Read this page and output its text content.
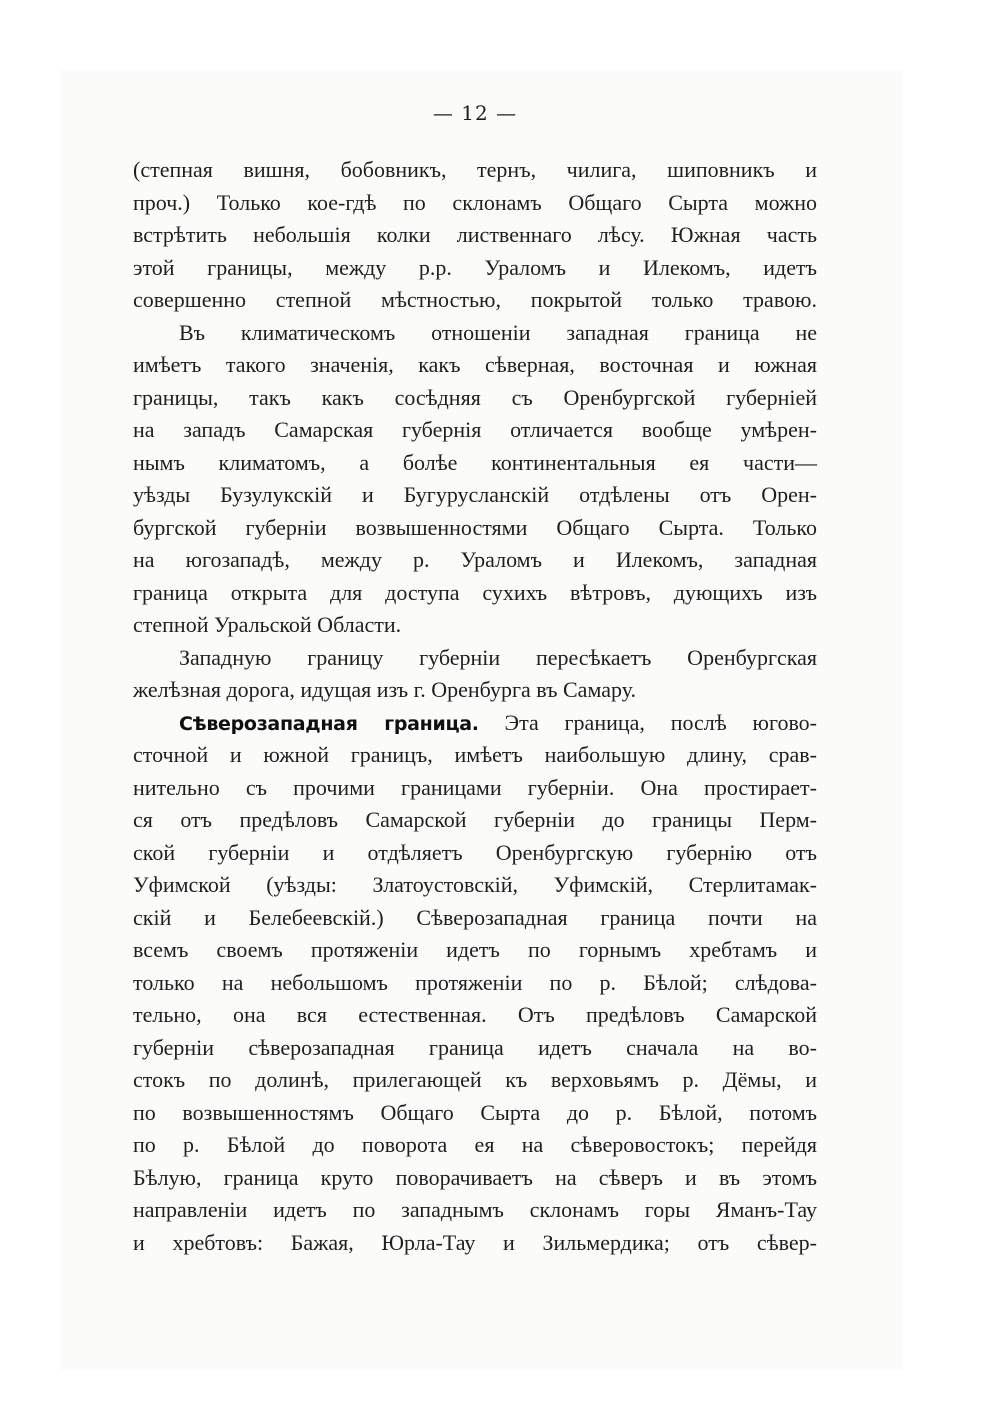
— 12 —
(степная вишня, бобовникъ, тернъ, чилига, шиповникъ и
проч.) Только кое-гдѣ по склонамъ Общаго Сырта можно
встрѣтить небольшія колки лиственнаго лѣсу. Южная часть
этой границы, между р.р. Ураломъ и Илекомъ, идетъ
совершенно степной мѣстностью, покрытой только травою.
Въ климатическомъ отношеніи западная граница не
имѣетъ такого значенія, какъ сѣверная, восточная и южная
границы, такъ какъ сосѣдняя съ Оренбургской губерніей
на западъ Самарская губернія отличается вообще умѣрен-
нымъ климатомъ, а болѣе континентальныя ея части—
уѣзды Бузулукскій и Бугурусланскій отдѣлены отъ Орен-
бургской губерніи возвышенностями Общаго Сырта. Только
на югозападѣ, между р. Ураломъ и Илекомъ, западная
граница открыта для доступа сухихъ вѣтровъ, дующихъ изъ
степной Уральской Области.
Западную границу губерніи пересѣкаетъ Оренбургская
желѣзная дорога, идущая изъ г. Оренбурга въ Самару.
Сѣверозападная граница. Эта граница, послѣ югово-
сточной и южной границъ, имѣетъ наибольшую длину, срав-
нительно съ прочими границами губерніи. Она простирает-
ся отъ предѣловъ Самарской губерніи до границы Перм-
ской губерніи и отдѣляетъ Оренбургскую губернію отъ
Уфимской (уѣзды: Златоустовскій, Уфимскій, Стерлитамак-
скій и Белебеевскій.) Сѣверозападная граница почти на
всемъ своемъ протяженіи идетъ по горнымъ хребтамъ и
только на небольшомъ протяженіи по р. Бѣлой; слѣдова-
тельно, она вся естественная. Отъ предѣловъ Самарской
губерніи сѣверозападная граница идетъ сначала на во-
стокъ по долинѣ, прилегающей къ верховьямъ р. Дёмы, и
по возвышенностямъ Общаго Сырта до р. Бѣлой, потомъ
по р. Бѣлой до поворота ея на сѣверовостокъ; перейдя
Бѣлую, граница круто поворачиваетъ на сѣверъ и въ этомъ
направленіи идетъ по западнымъ склонамъ горы Яманъ-Тау
и хребтовъ: Бажая, Юрла-Тау и Зильмердика; отъ сѣвер-
